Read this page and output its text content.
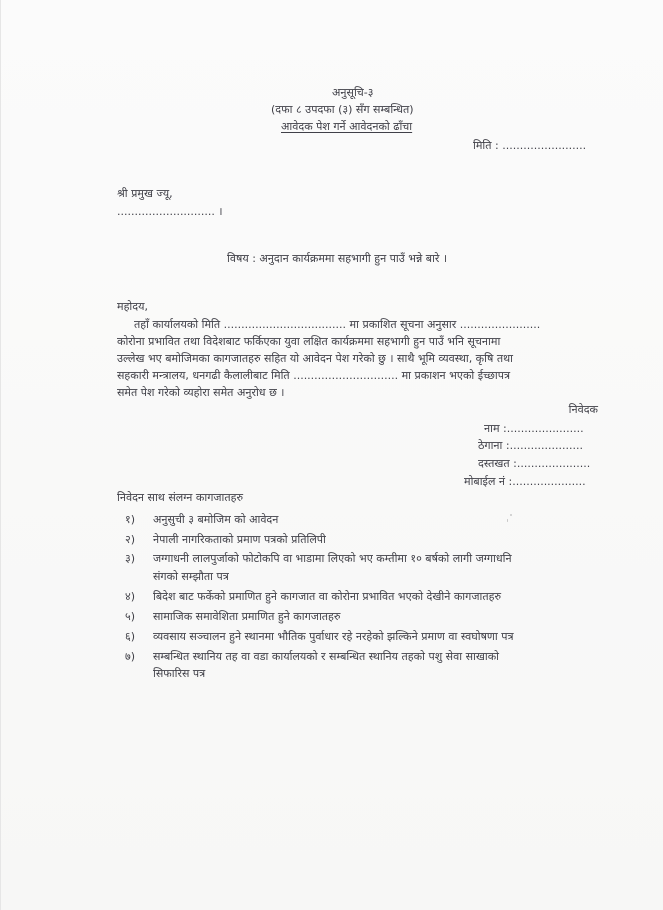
अनुसूचि-३
(दफा ८ उपदफा (३) सँग सम्बन्धित)
आवेदक पेश गर्ने आवेदनको ढाँचा
मिति : ........................
श्री प्रमुख ज्यू,
............................ ।
विषय : अनुदान कार्यक्रममा सहभागी हुन पाउँ भन्ने बारे ।
महोदय,
तहाँ कार्यालयको मिति ................................... मा प्रकाशित सूचना अनुसार .......................
कोरोना प्रभावित तथा विदेशबाट फर्किएका युवा लक्षित कार्यक्रममा सहभागी हुन पाउँ भनि सूचनामा
उल्लेख भए बमोजिमका कागजातहरु सहित यो आवेदन पेश गरेको छु । साथै भूमि व्यवस्था, कृषि तथा
सहकारी मन्त्रालय, धनगढी कैलालीबाट मिति .............................. मा प्रकाशन भएको ईच्छापत्र
समेत पेश गरेको व्यहोरा समेत अनुरोध छ ।
निवेदक
नाम :......................
ठेगाना :.....................
दस्तखत :.....................
मोबाईल नं :.....................
निवेदन साथ संलग्न कागजातहरु
१)	अनुसुची ३ बमोजिम को आवेदन
२)	नेपाली नागरिकताको प्रमाण पत्रको प्रतिलिपी
३)	जग्गाधनी लालपुर्जाको फोटोकपि वा भाडामा लिएको भए कम्तीमा १० बर्षको लागी जग्गाधनि
संगको सम्झौता पत्र
४)	बिदेश बाट फर्केको प्रमाणित हुने कागजात वा कोरोना प्रभावित भएको देखीने कागजातहरु
५)	सामाजिक समावेशिता प्रमाणित हुने कागजातहरु
६)	व्यवसाय सञ्चालन हुने स्थानमा भौतिक पुर्वाधार रहे नरहेको झल्किने प्रमाण वा स्वघोषणा पत्र
७)	सम्बन्धित स्थानिय तह वा वडा कार्यालयको र सम्बन्धित स्थानिय तहको पशु सेवा साखाको
सिफारिस पत्र
